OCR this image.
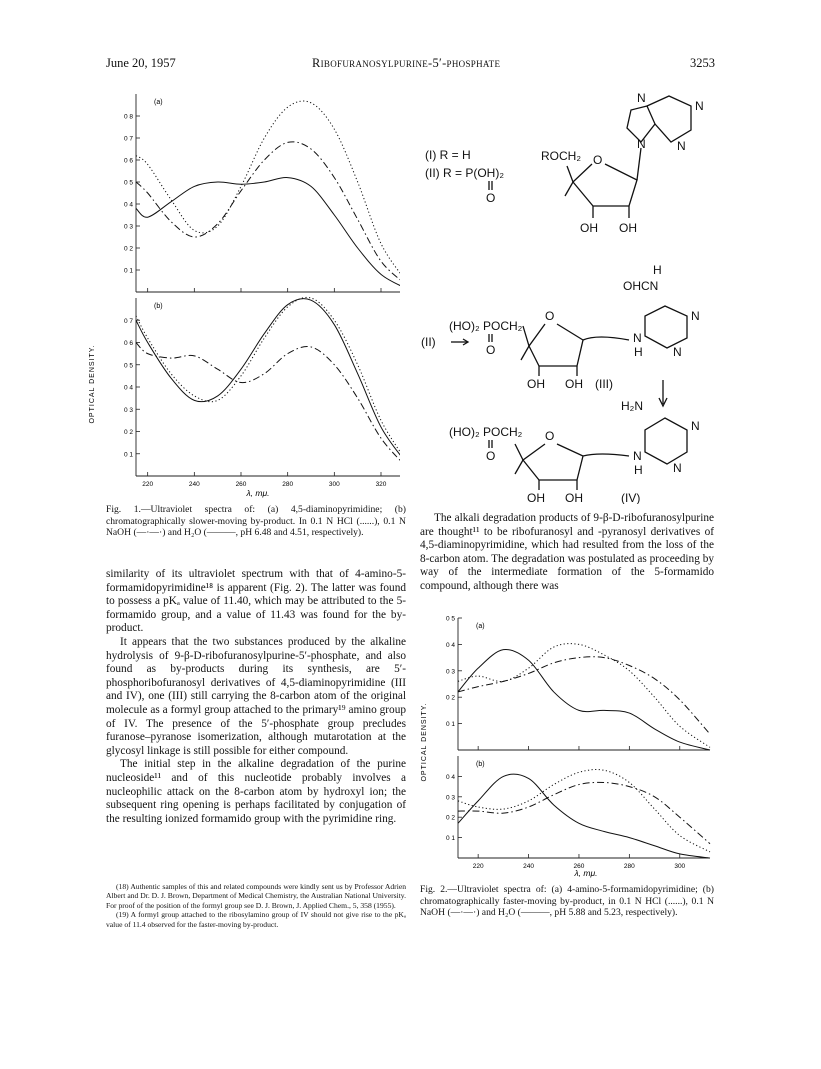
June 20, 1957	Ribofuranosylpurine-5′-phosphate	3253
0 1
0 2
0 3
0 4
0 5
0 6
0 7
0 8
(a)
0 1
0 2
0 3
0 4
0 5
0 6
0 7
220	240	260	280	300	320
(b)
OPTICAL DENSITY.
λ, mμ.
Fig. 1.—Ultraviolet spectra of: (a) 4,5-diaminopyrimidine; (b) chromatographically slower-moving by-product. In 0.1 N HCl (......), 0.1 N NaOH (—·—·) and H₂O (———, pH 6.48 and 4.51, respectively).

similarity of its ultraviolet spectrum with that of 4-amino-5-formamidopyrimidine¹⁸ is apparent (Fig. 2). The latter was found to possess a pKₐ value of 11.40, which may be attributed to the 5-formamido group, and a value of 11.43 was found for the by-product.

It appears that the two substances produced by the alkaline hydrolysis of 9-β-D-ribofuranosylpurine-5′-phosphate, and also found as by-products during its synthesis, are 5′-phosphoribofuranosyl derivatives of 4,5-diaminopyrimidine (III and IV), one (III) still carrying the 8-carbon atom of the original molecule as a formyl group attached to the primary¹⁹ amino group of IV. The presence of the 5′-phosphate group precludes furanose–pyranose isomerization, although mutarotation at the glycosyl linkage is still possible for either compound.

The initial step in the alkaline degradation of the purine nucleoside¹¹ and of this nucleotide probably involves a nucleophilic attack on the 8-carbon atom by hydroxyl ion; the subsequent ring opening is perhaps facilitated by conjugation of the resulting ionized formamido group with the pyrimidine ring.

(18) Authentic samples of this and related compounds were kindly sent us by Professor Adrien Albert and Dr. D. J. Brown, Department of Medical Chemistry, the Australian National University. For proof of the position of the formyl group see D. J. Brown, J. Applied Chem., 5, 358 (1955).

(19) A formyl group attached to the ribosylamino group of IV should not give rise to the pKₐ value of 11.4 observed for the faster-moving by-product.

(I) R = H
(II) R = P(OH)₂
O
ROCH₂ O
OH OH
N
N
N
N
H
OHCN
(HO)₂ POCH₂
O
O
OH OH (III)
(II)	N
H
N
N
H₂N
(HO)₂ POCH₂
O
O
OH OH	(IV)
N
H
N
N
The alkali degradation products of 9-β-D-ribofuranosylpurine are thought¹¹ to be ribofuranosyl and -pyranosyl derivatives of 4,5-diaminopyrimidine, which had resulted from the loss of the 8-carbon atom. The degradation was postulated as proceeding by way of the intermediate formation of the 5-formamido compound, although there was
0 1
0 2
0 3
0 4
0 5
(a)
0 1
0 2
0 3
0 4
220	240	260	280	300
(b)
OPTICAL DENSITY.
λ, mμ.
Fig. 2.—Ultraviolet spectra of: (a) 4-amino-5-formamidopyrimidine; (b) chromatographically faster-moving by-product, in 0.1 N HCl (......), 0.1 N NaOH (—·—·) and H₂O (———, pH 5.88 and 5.23, respectively).
